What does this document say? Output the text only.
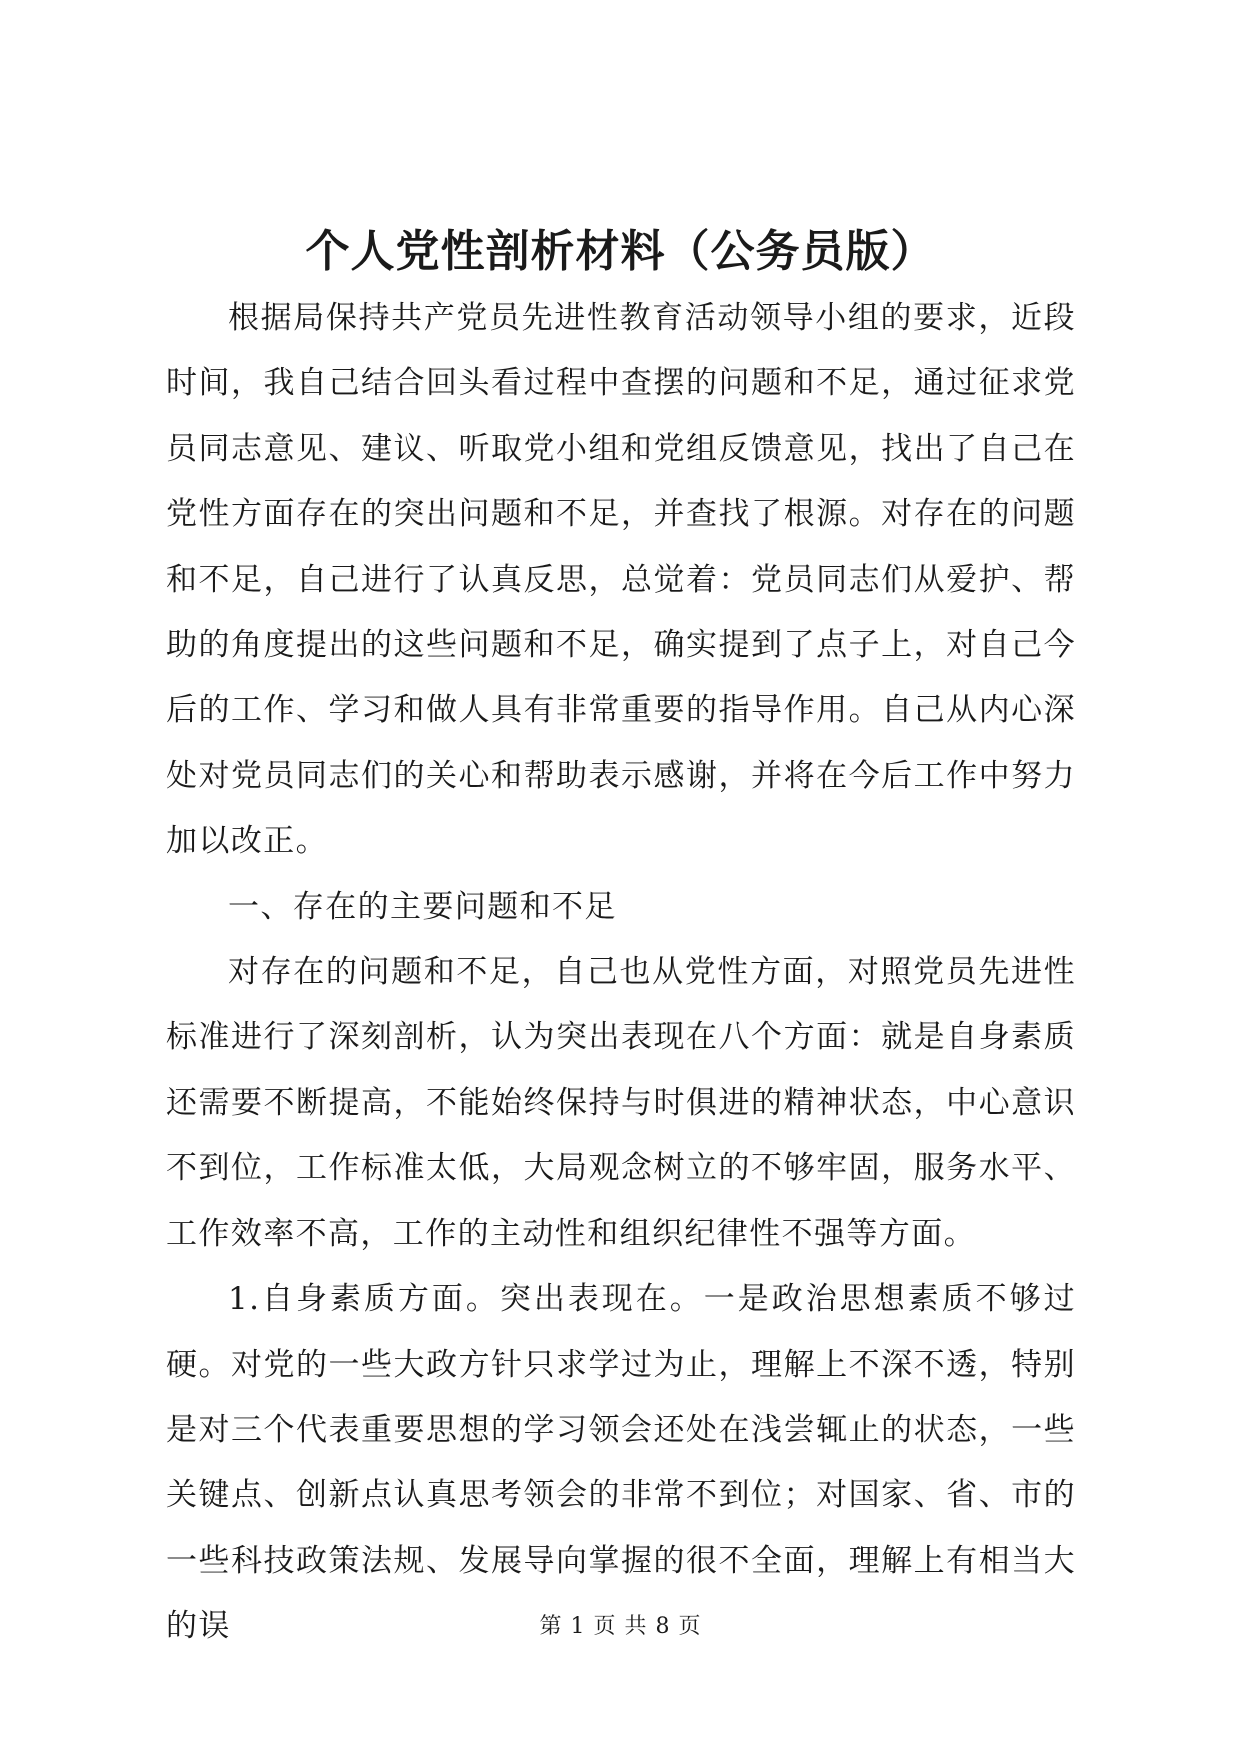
个人党性剖析材料（公务员版）

根据局保持共产党员先进性教育活动领导小组的要求，近段时间，我自己结合回头看过程中查摆的问题和不足，通过征求党员同志意见、建议、听取党小组和党组反馈意见，找出了自己在党性方面存在的突出问题和不足，并查找了根源。对存在的问题和不足，自己进行了认真反思，总觉着：党员同志们从爱护、帮助的角度提出的这些问题和不足，确实提到了点子上，对自己今后的工作、学习和做人具有非常重要的指导作用。自己从内心深处对党员同志们的关心和帮助表示感谢，并将在今后工作中努力加以改正。

一、存在的主要问题和不足

对存在的问题和不足，自己也从党性方面，对照党员先进性标准进行了深刻剖析，认为突出表现在八个方面：就是自身素质还需要不断提高，不能始终保持与时俱进的精神状态，中心意识不到位，工作标准太低，大局观念树立的不够牢固，服务水平、工作效率不高，工作的主动性和组织纪律性不强等方面。

1.自身素质方面。突出表现在。一是政治思想素质不够过硬。对党的一些大政方针只求学过为止，理解上不深不透，特别是对三个代表重要思想的学习领会还处在浅尝辄止的状态，一些关键点、创新点认真思考领会的非常不到位；对国家、省、市的一些科技政策法规、发展导向掌握的很不全面，理解上有相当大的误	第 1 页 共 8 页
